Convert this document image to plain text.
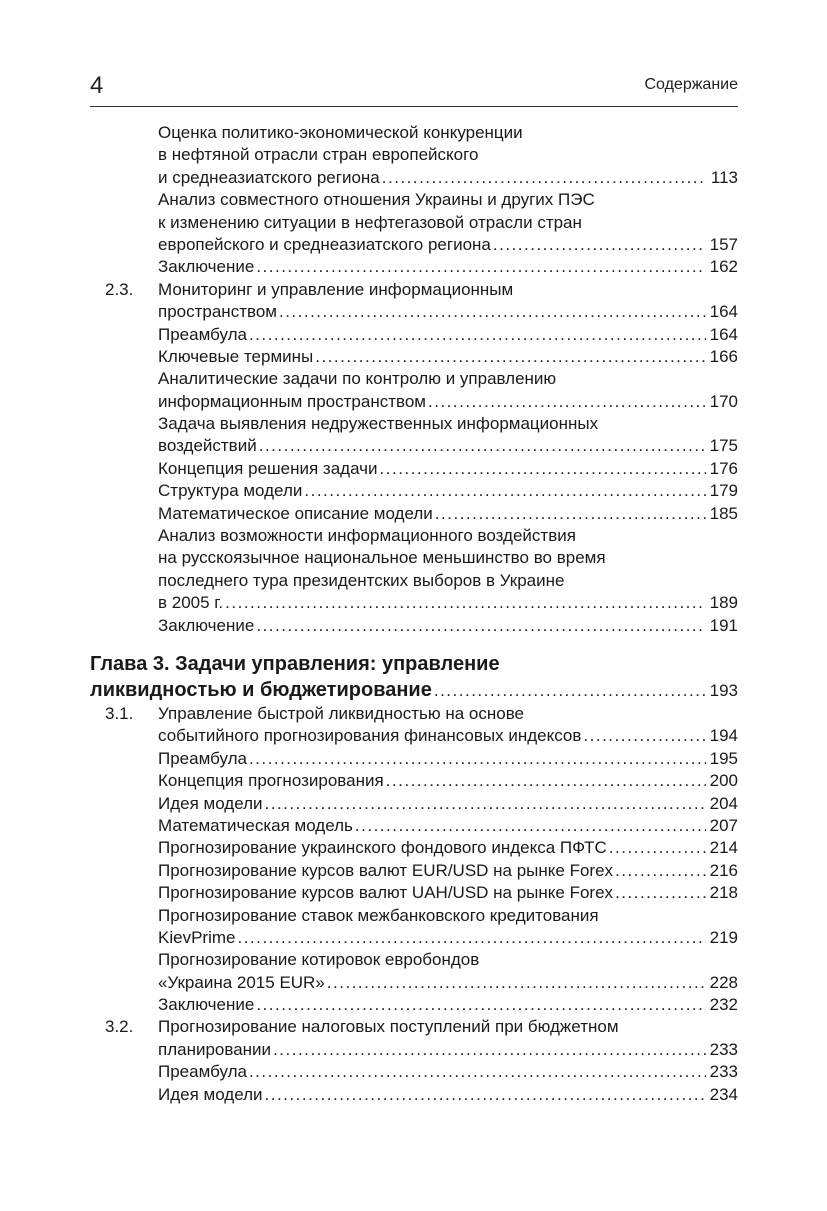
4	Содержание
Оценка политико-экономической конкуренции
в нефтяной отрасли стран европейского
и среднеазиатского региона .....	113
Анализ совместного отношения Украины и других ПЭС
к изменению ситуации в нефтегазовой отрасли стран
европейского и среднеазиатского региона .....	157
Заключение .....	162
2.3.	Мониторинг и управление информационным
пространством .....	164
Преамбула .....	164
Ключевые термины .....	166
Аналитические задачи по контролю и управлению
информационным пространством .....	170
Задача выявления недружественных информационных
воздействий .....	175
Концепция решения задачи .....	176
Структура модели .....	179
Математическое описание модели .....	185
Анализ возможности информационного воздействия
на русскоязычное национальное меньшинство во время
последнего тура президентских выборов в Украине
в 2005 г. .....	189
Заключение .....	191
Глава 3. Задачи управления: управление
ликвидностью и бюджетирование .....	193
3.1.	Управление быстрой ликвидностью на основе
событийного прогнозирования финансовых индексов .....	194
Преамбула .....	195
Концепция прогнозирования .....	200
Идея модели .....	204
Математическая модель .....	207
Прогнозирование украинского фондового индекса ПФТС .....	214
Прогнозирование курсов валют EUR/USD на рынке Forex .....	216
Прогнозирование курсов валют UAH/USD на рынке Forex .....	218
Прогнозирование ставок межбанковского кредитования
KievPrime .....	219
Прогнозирование котировок евробондов
«Украина 2015 EUR» .....	228
Заключение .....	232
3.2.	Прогнозирование налоговых поступлений при бюджетном
планировании .....	233
Преамбула .....	233
Идея модели .....	234
